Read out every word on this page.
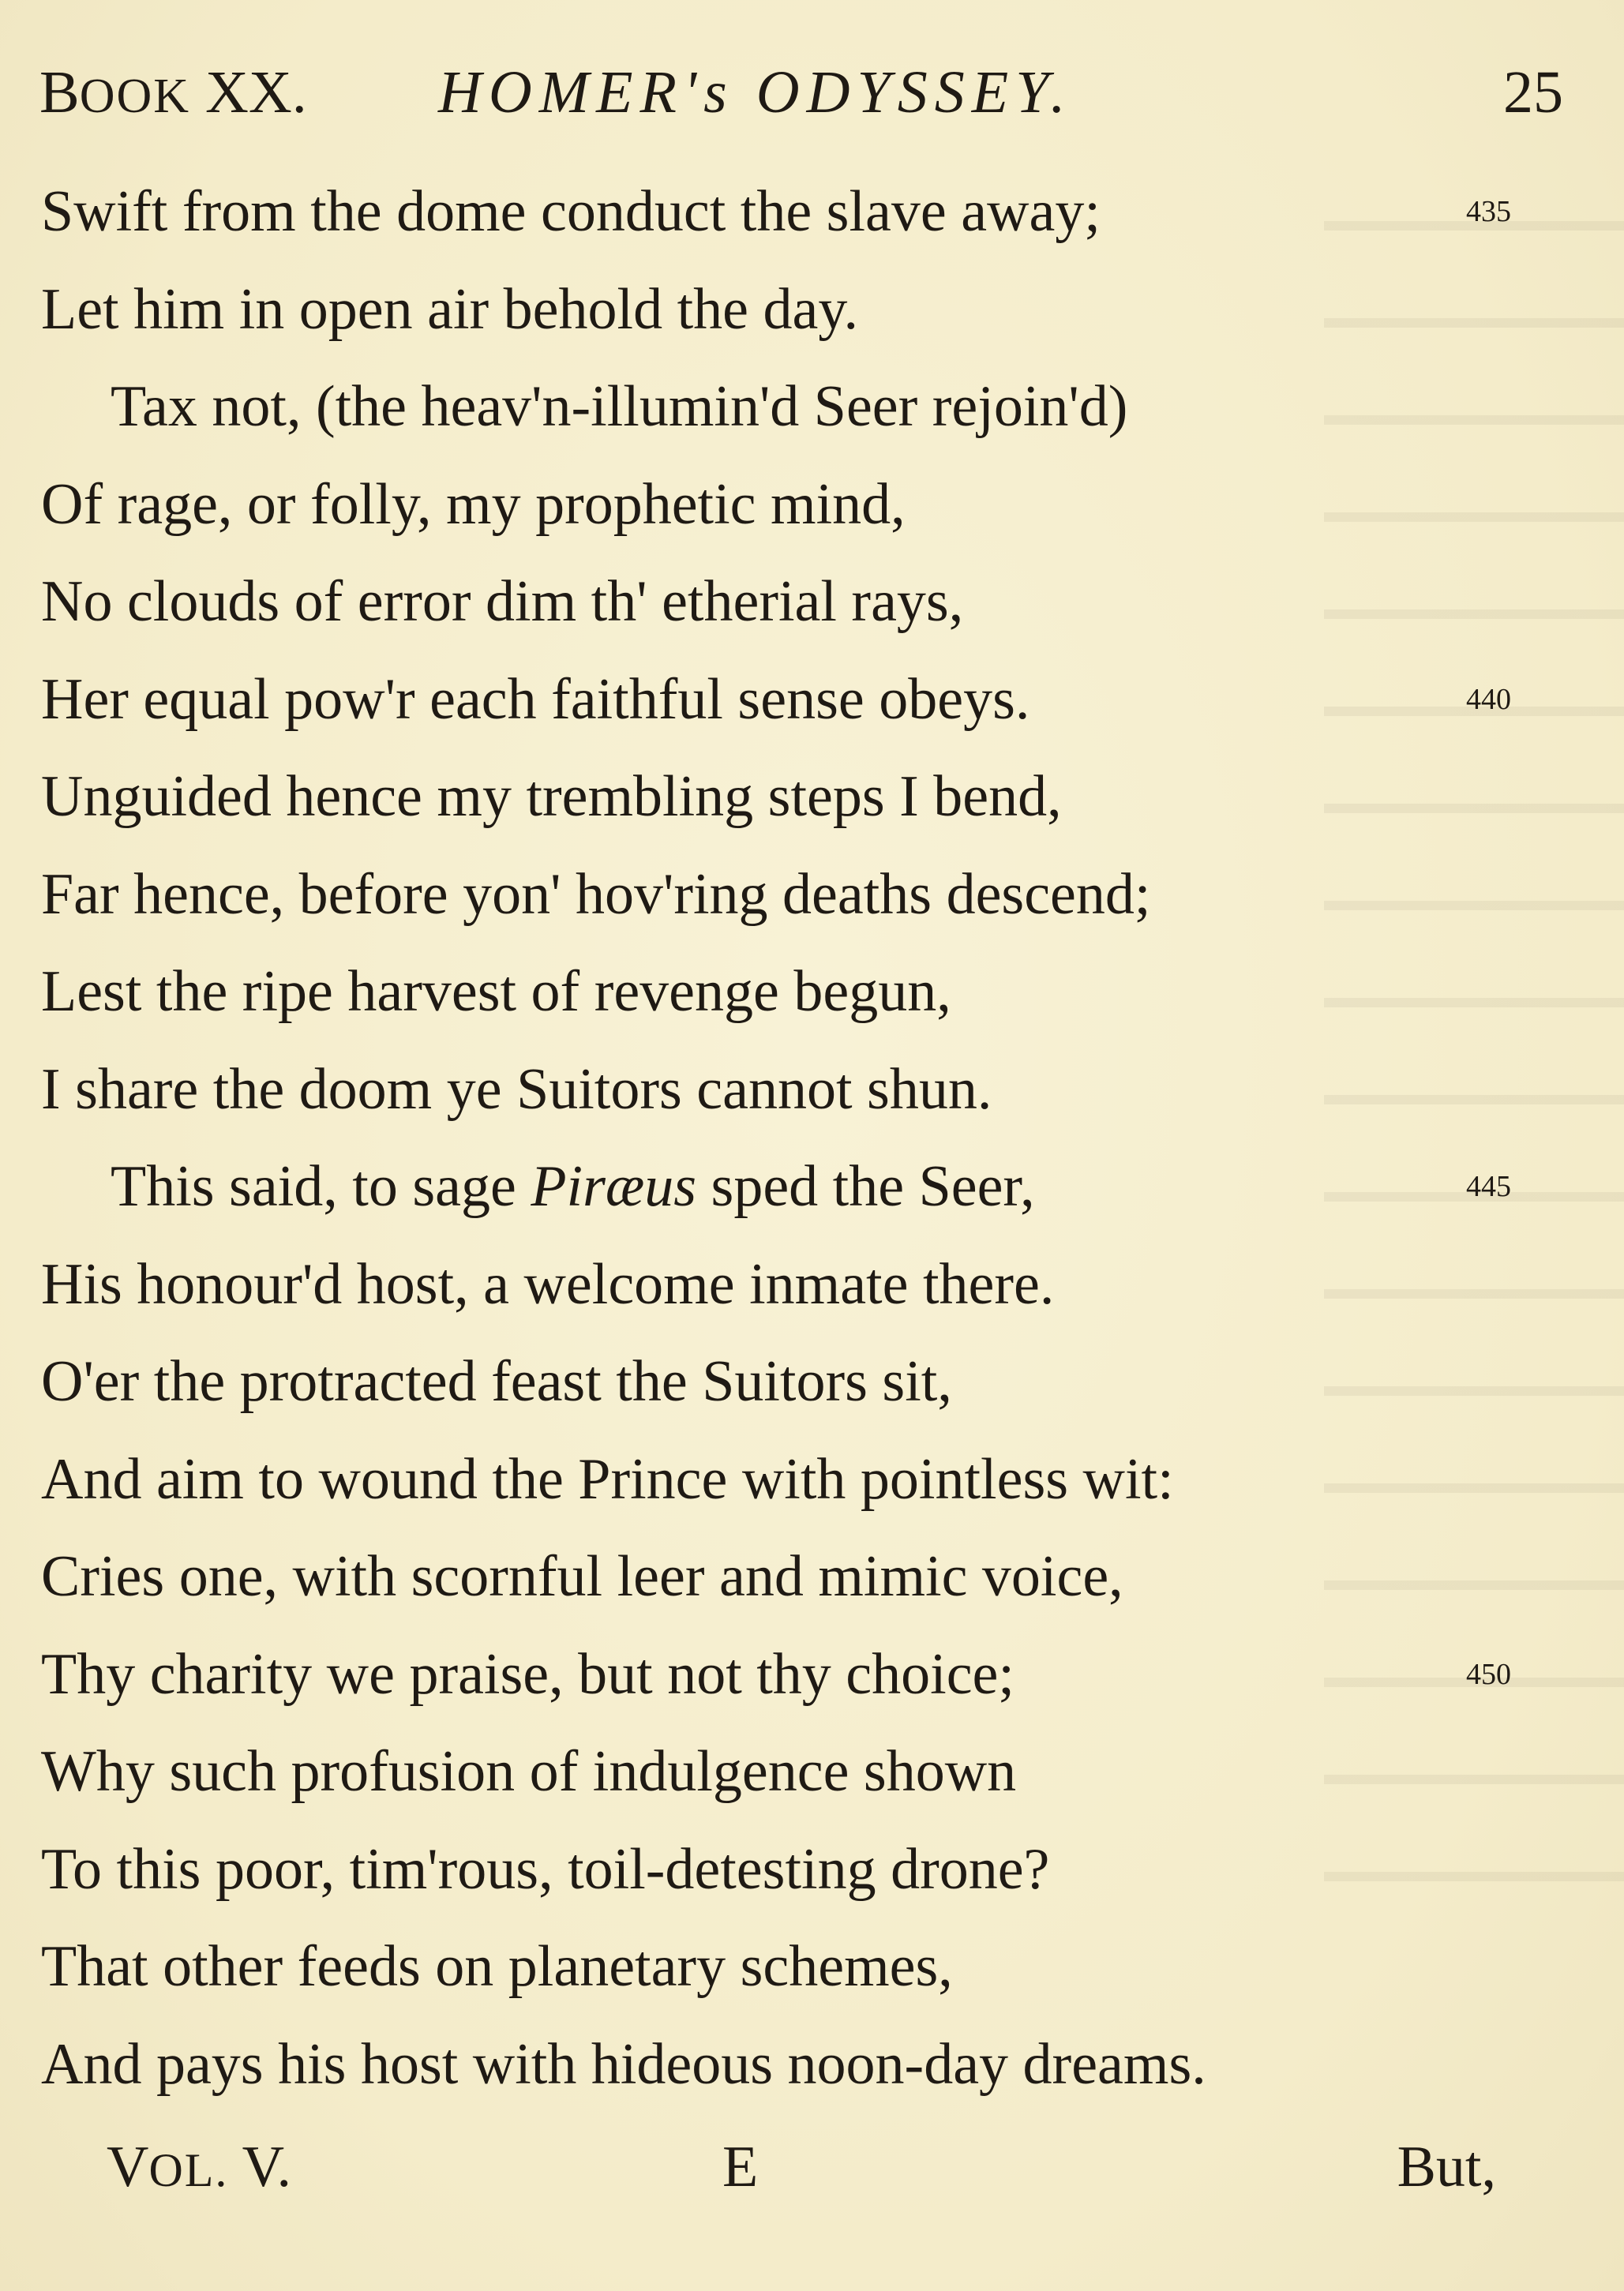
BOOK XX. HOMER's ODYSSEY.	25
Swift from the dome conduct the slave away;	435
Let him in open air behold the day.
Tax not, (the heav'n-illumin'd Seer rejoin'd)
Of rage, or folly, my prophetic mind,
No clouds of error dim th' etherial rays,
Her equal pow'r each faithful sense obeys.	440
Unguided hence my trembling steps I bend,
Far hence, before yon' hov'ring deaths descend;
Lest the ripe harvest of revenge begun,
I share the doom ye Suitors cannot shun.
This said, to sage Piræus sped the Seer,	445
His honour'd host, a welcome inmate there.
O'er the protracted feast the Suitors sit,
And aim to wound the Prince with pointless wit:
Cries one, with scornful leer and mimic voice,
Thy charity we praise, but not thy choice;	450
Why such profusion of indulgence shown
To this poor, tim'rous, toil-detesting drone?
That other feeds on planetary schemes,
And pays his host with hideous noon-day dreams.
VOL. V.	E	But,
